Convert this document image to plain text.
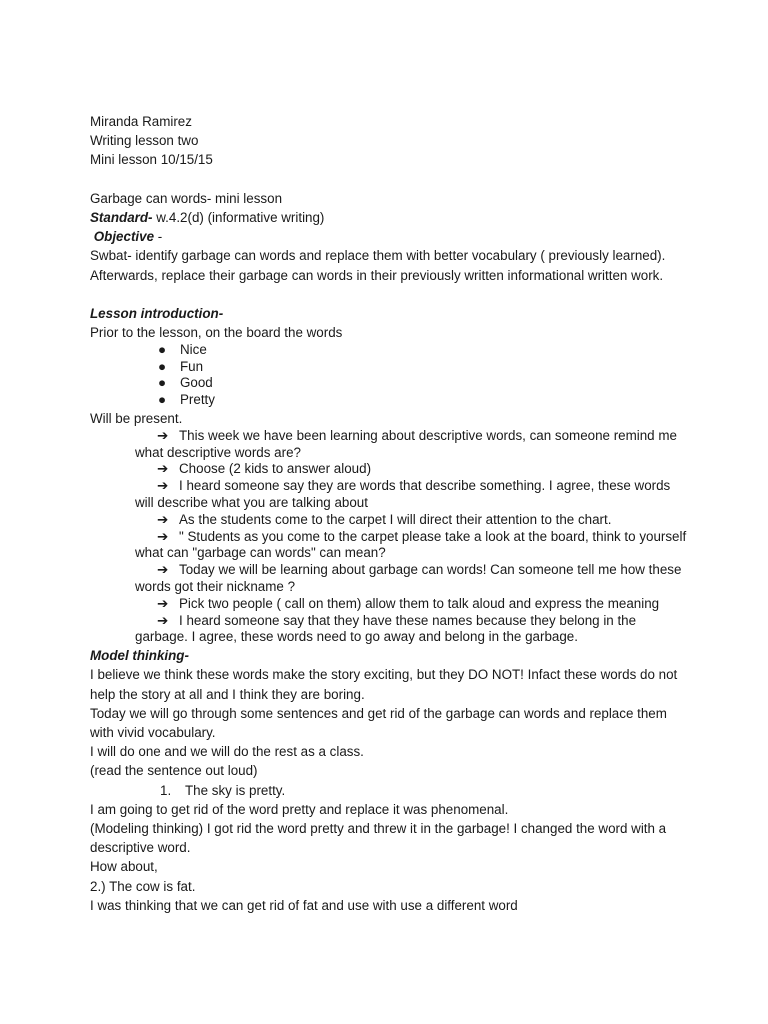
Miranda Ramirez
Writing lesson two
Mini lesson 10/15/15
Garbage can words- mini lesson
Standard- w.4.2(d) (informative writing)
Objective -
Swbat- identify garbage can words and replace them with better vocabulary ( previously learned). Afterwards, replace their garbage can words in their previously written informational written work.
Lesson introduction-
Prior to the lesson, on the board the words
●	Nice
●	Fun
●	Good
●	Pretty
Will be present.
➔ This week we have been learning about descriptive words, can someone remind me what descriptive words are?
➔ Choose (2 kids to answer aloud)
➔ I heard someone say they are words that describe something. I agree, these words will describe what you are talking about
➔ As the students come to the carpet I will direct their attention to the chart.
➔ " Students as you come to the carpet please take a look at the board, think to yourself what can "garbage can words" can mean?
➔ Today we will be learning about garbage can words! Can someone tell me how these words got their nickname ?
➔ Pick two people ( call on them) allow them to talk aloud and express the meaning
➔ I heard someone say that they have these names because they belong in the garbage. I agree, these words need to go away and belong in the garbage.
Model thinking-
I believe we think these words make the story exciting, but they DO NOT! Infact these words do not help the story at all and I think they are boring.
Today we will go through some sentences and get rid of the garbage can words and replace them with vivid vocabulary.
I will do one and we will do the rest as a class.
(read the sentence out loud)
1. The sky is pretty.
I am going to get rid of the word pretty and replace it was phenomenal.
(Modeling thinking) I got rid the word pretty and threw it in the garbage! I changed the word with a descriptive word.
How about,
2.) The cow is fat.
I was thinking that we can get rid of fat and use with use a different word
